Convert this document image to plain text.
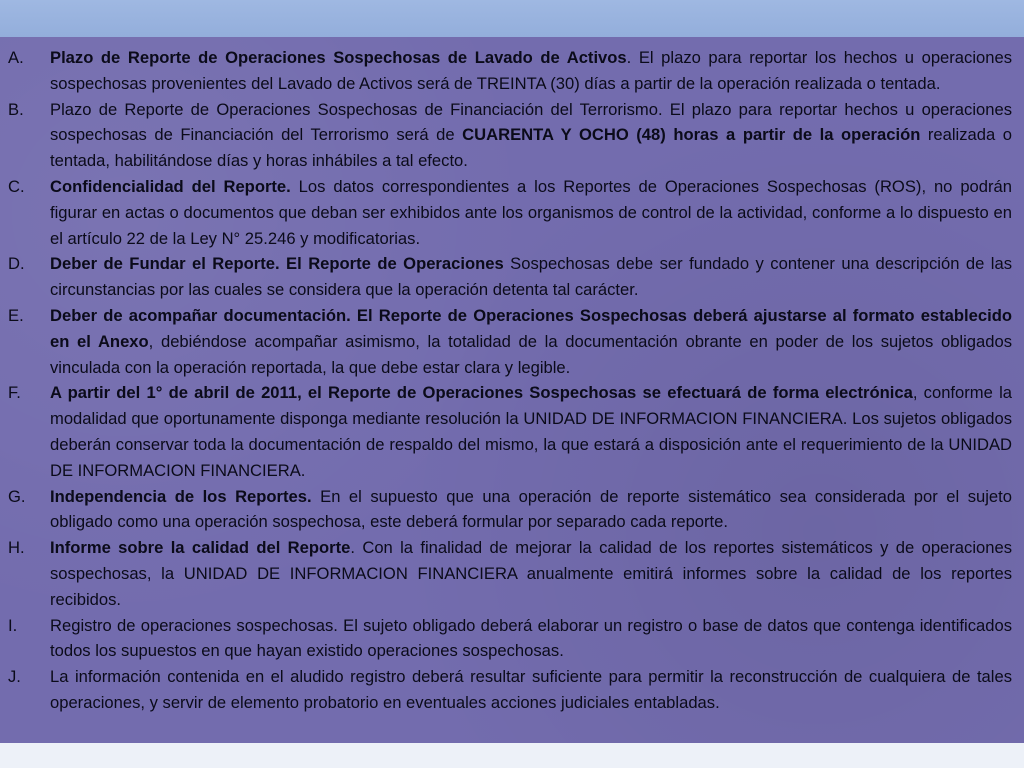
A.	Plazo de Reporte de Operaciones Sospechosas de Lavado de Activos. El plazo para reportar los hechos u operaciones sospechosas provenientes del Lavado de Activos será de TREINTA (30) días a partir de la operación realizada o tentada.
B.	Plazo de Reporte de Operaciones Sospechosas de Financiación del Terrorismo. El plazo para reportar hechos u operaciones sospechosas de Financiación del Terrorismo será de CUARENTA Y OCHO (48) horas a partir de la operación realizada o tentada, habilitándose días y horas inhábiles a tal efecto.
C.	Confidencialidad del Reporte. Los datos correspondientes a los Reportes de Operaciones Sospechosas (ROS), no podrán figurar en actas o documentos que deban ser exhibidos ante los organismos de control de la actividad, conforme a lo dispuesto en el artículo 22 de la Ley N° 25.246 y modificatorias.
D.	Deber de Fundar el Reporte. El Reporte de Operaciones Sospechosas debe ser fundado y contener una descripción de las circunstancias por las cuales se considera que la operación detenta tal carácter.
E.	Deber de acompañar documentación. El Reporte de Operaciones Sospechosas deberá ajustarse al formato establecido en el Anexo, debiéndose acompañar asimismo, la totalidad de la documentación obrante en poder de los sujetos obligados vinculada con la operación reportada, la que debe estar clara y legible.
F.	A partir del 1° de abril de 2011, el Reporte de Operaciones Sospechosas se efectuará de forma electrónica, conforme la modalidad que oportunamente disponga mediante resolución la UNIDAD DE INFORMACION FINANCIERA. Los sujetos obligados deberán conservar toda la documentación de respaldo del mismo, la que estará a disposición ante el requerimiento de la UNIDAD DE INFORMACION FINANCIERA.
G.	Independencia de los Reportes. En el supuesto que una operación de reporte sistemático sea considerada por el sujeto obligado como una operación sospechosa, este deberá formular por separado cada reporte.
H.	Informe sobre la calidad del Reporte. Con la finalidad de mejorar la calidad de los reportes sistemáticos y de operaciones sospechosas, la UNIDAD DE INFORMACION FINANCIERA anualmente emitirá informes sobre la calidad de los reportes recibidos.
I.	Registro de operaciones sospechosas. El sujeto obligado deberá elaborar un registro o base de datos que contenga identificados todos los supuestos en que hayan existido operaciones sospechosas.
J.	La información contenida en el aludido registro deberá resultar suficiente para permitir la reconstrucción de cualquiera de tales operaciones, y servir de elemento probatorio en eventuales acciones judiciales entabladas.
